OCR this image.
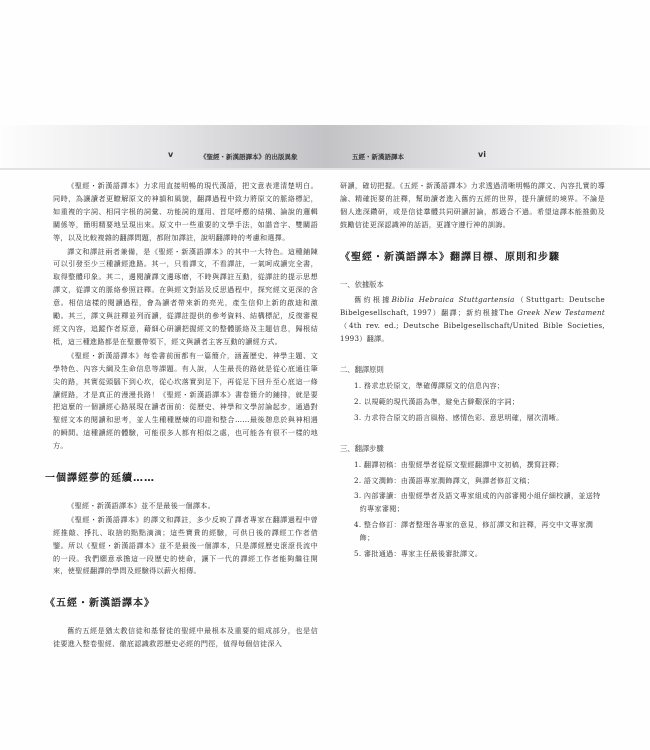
v	《聖經・新漢語譯本》的出版異象	五經・新漢語譯本	vi

《聖經・新漢語譯本》力求用直接明暢的現代漢語，把文意表達清楚明白。同時，為讓讀者更瞭解原文的神韻和風貌，翻譯過程中致力將原文的脈絡標記，如重複的字詞、相同字根的詞彙、功能詞的運用、首尾呼應的結構、論說的邏輯關係等，簡明精要地呈現出來。原文中一些重要的文學手法，如諧音字、雙關語等，以及比較複雜的翻譯問題，都附加譯註，說明翻譯時的考慮和選擇。

譯文和譯註兩者兼備，是《聖經・新漢語譯本》的其中一大特色。這種鋪陳可以引發至少三種讀經進路。其一，只看譯文，不看譯註，一氣呵成讀完全書，取得整體印象。其二，邊閱讀譯文邊琢磨，不時與譯註互動，從譯註的提示思想譯文，從譯文的脈絡參照註釋。在與經文對話及反思過程中，探究經文更深的含意。相信這樣的閱讀過程，會為讀者帶來新的亮光，產生信仰上新的啟迪和激勵。其三，譯文與註釋並列而讀，從譯註提供的參考資料、結構標記，反復審視經文內容，追蹤作者原意，藉細心研讀把握經文的整體脈絡及主題信息，歸根結柢，這三種進路都是在聖靈帶領下，經文與讀者主客互動的讀經方式。

《聖經・新漢語譯本》每卷書前面都有一篇簡介，涵蓋歷史、神學主題、文學特色、內容大綱及生命信息等課題。有人說，人生最長的路就是從心底通往筆尖的路，其實從頭腦下到心坎，從心坎落實到足下，再從足下回升至心底這一條讀經路，才是真正的漫漫長路！《聖經・新漢語譯本》書卷簡介的鋪排，就是要把這麼的一個讀經心路展現在讀者面前：從歷史、神學和文學討論起步，通過對聖經文本的閱讀和思考，並人生種種歷煉的印證和整合……最後憩息於與神相遇的瞬間。這種讀經的體驗，可能很多人都有相似之處，也可能各有很不一樣的地方。

一個譯經夢的延續……

《聖經・新漢語譯本》並不是最後一個譯本。

《聖經・新漢語譯本》的譯文和譯註，多少反映了譯者專家在翻譯過程中曾經推敲、掙扎、取捨的點點滴滴；這些寶貴的經驗，可供日後的譯經工作者借鑒。所以《聖經・新漢語譯本》並不是最後一個譯本，只是譯經歷史滾滾長流中的一段。我們願意承擔這一段歷史的使命，讓下一代的譯經工作者能夠繼往開來，使聖經翻譯的學問及經驗得以薪火相傳。

《五經・新漢語譯本》

舊約五經是猶太教信徒和基督徒的聖經中最根本及重要的組成部分，也是信徒要進入整卷聖經、徹底認識救恩歷史必經的門徑，值得每個信徒深入

研讀，確切把握。《五經・新漢語譯本》力求透過清晰明暢的譯文、內容扎實的導論、精確扼要的註釋，幫助讀者進入舊約五經的世界，提升讀經的境界。不論是個人進深鑽研，或是信徒羣體共同研讀討論，都適合不過。希望這譯本能推動及鼓勵信徒更深認識神的話語，更謹守遵行神的訓誨。

《聖經・新漢語譯本》翻譯目標、原則和步驟
一、依據版本

舊約根據Biblia Hebraica Stuttgartensia（Stuttgart: Deutsche Bibelgesellschaft, 1997）翻譯；新約根據The Greek New Testament（4th rev. ed.; Deutsche Bibelgesellschaft/United Bible Societies, 1993）翻譯。

二、翻譯原則
1. 務求忠於原文，準確傳譯原文的信息內容；
2. 以規範的現代漢語為準，避免古僻艱深的字詞；
3. 力求符合原文的語言風格、感情色彩、意思明確，層次清晰。
三、翻譯步驟
1. 翻譯初稿：由聖經學者從原文聖經翻譯中文初稿，撰寫註釋；
2. 語文潤飾：由漢語專家潤飾譯文，與譯者修訂文稿；
3. 內部審讀：由聖經學者及語文專家組成的內部審閱小組仔細校讀，並送特約專家審閱；
4. 整合修訂：譯者整理各專家的意見，修訂譯文和註釋，再交中文專家潤飾；
5. 審批通過：專家主任最後審批譯文。
